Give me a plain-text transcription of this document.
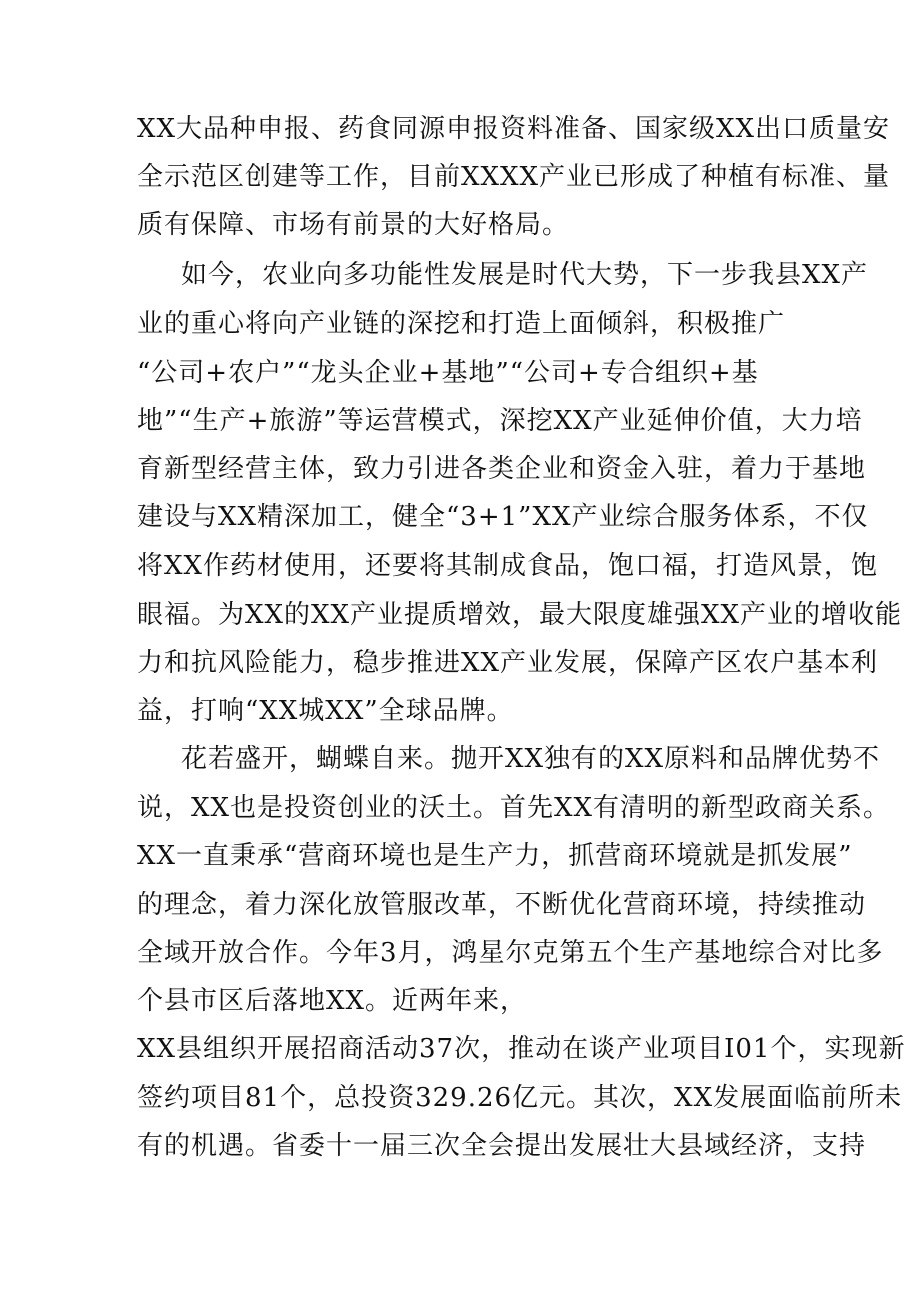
XX大品种申报、药食同源申报资料准备、国家级XX出口质量安
全示范区创建等工作，目前XXXX产业已形成了种植有标准、量
质有保障、市场有前景的大好格局。
如今，农业向多功能性发展是时代大势，下一步我县XX产
业的重心将向产业链的深挖和打造上面倾斜，积极推广
“公司+农户”“龙头企业+基地”“公司+专合组织+基
地”“生产+旅游”等运营模式，深挖XX产业延伸价值，大力培
育新型经营主体，致力引进各类企业和资金入驻，着力于基地
建设与XX精深加工，健全“3+1”XX产业综合服务体系，不仅
将XX作药材使用，还要将其制成食品，饱口福，打造风景，饱
眼福。为XX的XX产业提质增效，最大限度雄强XX产业的增收能
力和抗风险能力，稳步推进XX产业发展，保障产区农户基本利
益，打响“XX城XX”全球品牌。
花若盛开，蝴蝶自来。抛开XX独有的XX原料和品牌优势不
说，XX也是投资创业的沃土。首先XX有清明的新型政商关系。
XX一直秉承“营商环境也是生产力，抓营商环境就是抓发展”
的理念，着力深化放管服改革，不断优化营商环境，持续推动
全域开放合作。今年3月，鸿星尔克第五个生产基地综合对比多
个县市区后落地XX。近两年来，
XX县组织开展招商活动37次，推动在谈产业项目I01个，实现新
签约项目81个，总投资329.26亿元。其次，XX发展面临前所未
有的机遇。省委十一届三次全会提出发展壮大县域经济，支持
